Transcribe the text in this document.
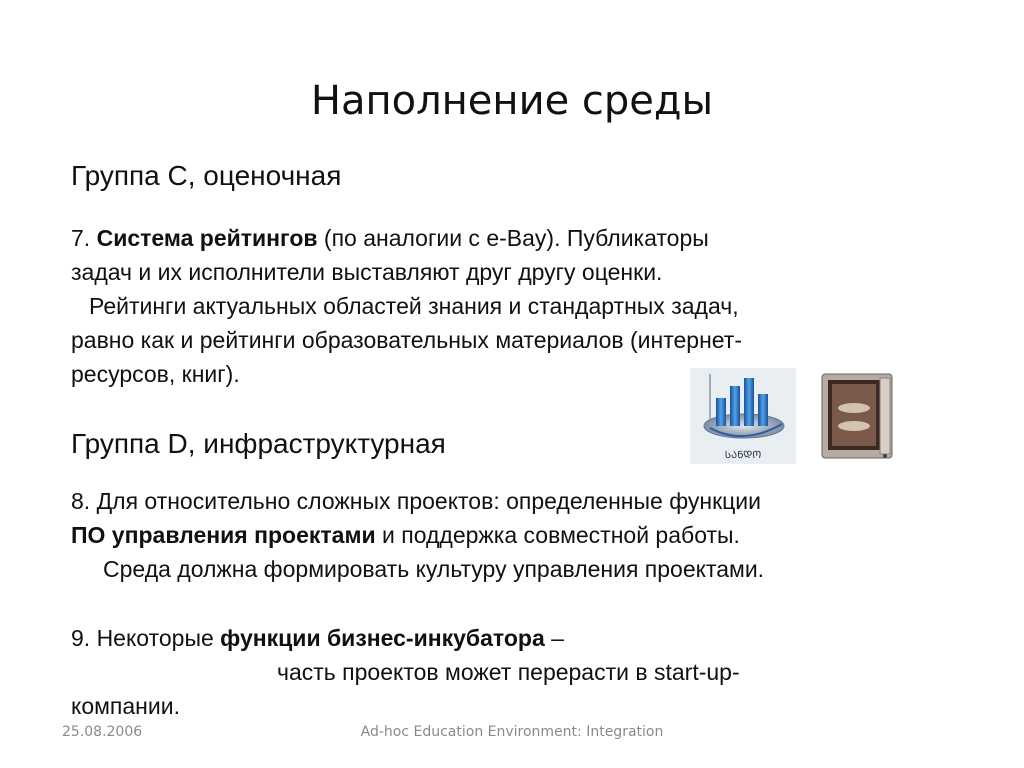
Наполнение среды
Группа С, оценочная
7. Система рейтингов (по аналогии с e-Bay). Публикаторы
задач и их исполнители выставляют друг другу оценки.
Рейтинги актуальных областей знания и стандартных задач,
равно как и рейтинги образовательных материалов (интернет-
ресурсов, книг).
ᲡᲐᲜᲓᲝ
Группа D, инфраструктурная
8. Для относительно сложных проектов: определенные функции
ПО управления проектами и поддержка совместной работы.
Среда должна формировать культуру управления проектами.
9. Некоторые функции бизнес-инкубатора –
часть проектов может перерасти в start-up-
компании.
25.08.2006	Ad-hoc Education Environment: Integration
